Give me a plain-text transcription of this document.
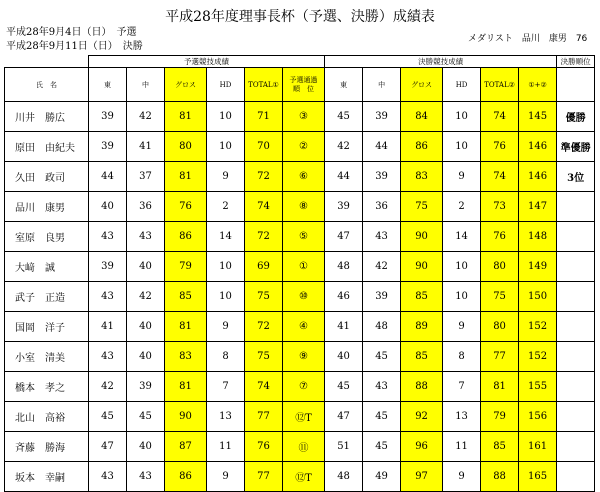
平成28年度理事長杯（予選、決勝）成績表
平成28年9月4日（日）　予選
平成28年9月11日（日）　決勝
メダリスト　品川　康男　76
	予選競技成績						決勝競技成績						決勝順位
氏　名	東	中	グロス	HD	TOTAL①	予選通過順　位	東	中	グロス	HD	TOTAL②	①+②	
川井　勝広	39	42	81	10	71	③	45	39	84	10	74	145	優勝
原田　由紀夫	39	41	80	10	70	②	42	44	86	10	76	146	準優勝
久田　政司	44	37	81	9	72	⑥	44	39	83	9	74	146	3位
品川　康男	40	36	76	2	74	⑧	39	36	75	2	73	147	
室原　良男	43	43	86	14	72	⑤	47	43	90	14	76	148	
大﨑　誠	39	40	79	10	69	①	48	42	90	10	80	149	
武子　正造	43	42	85	10	75	⑩	46	39	85	10	75	150	
国岡　洋子	41	40	81	9	72	④	41	48	89	9	80	152	
小室　清美	43	40	83	8	75	⑨	40	45	85	8	77	152	
橋本　孝之	42	39	81	7	74	⑦	45	43	88	7	81	155	
北山　高裕	45	45	90	13	77	⑫T	47	45	92	13	79	156	
斉藤　勝海	47	40	87	11	76	⑪	51	45	96	11	85	161	
坂本　幸嗣	43	43	86	9	77	⑫T	48	49	97	9	88	165	
